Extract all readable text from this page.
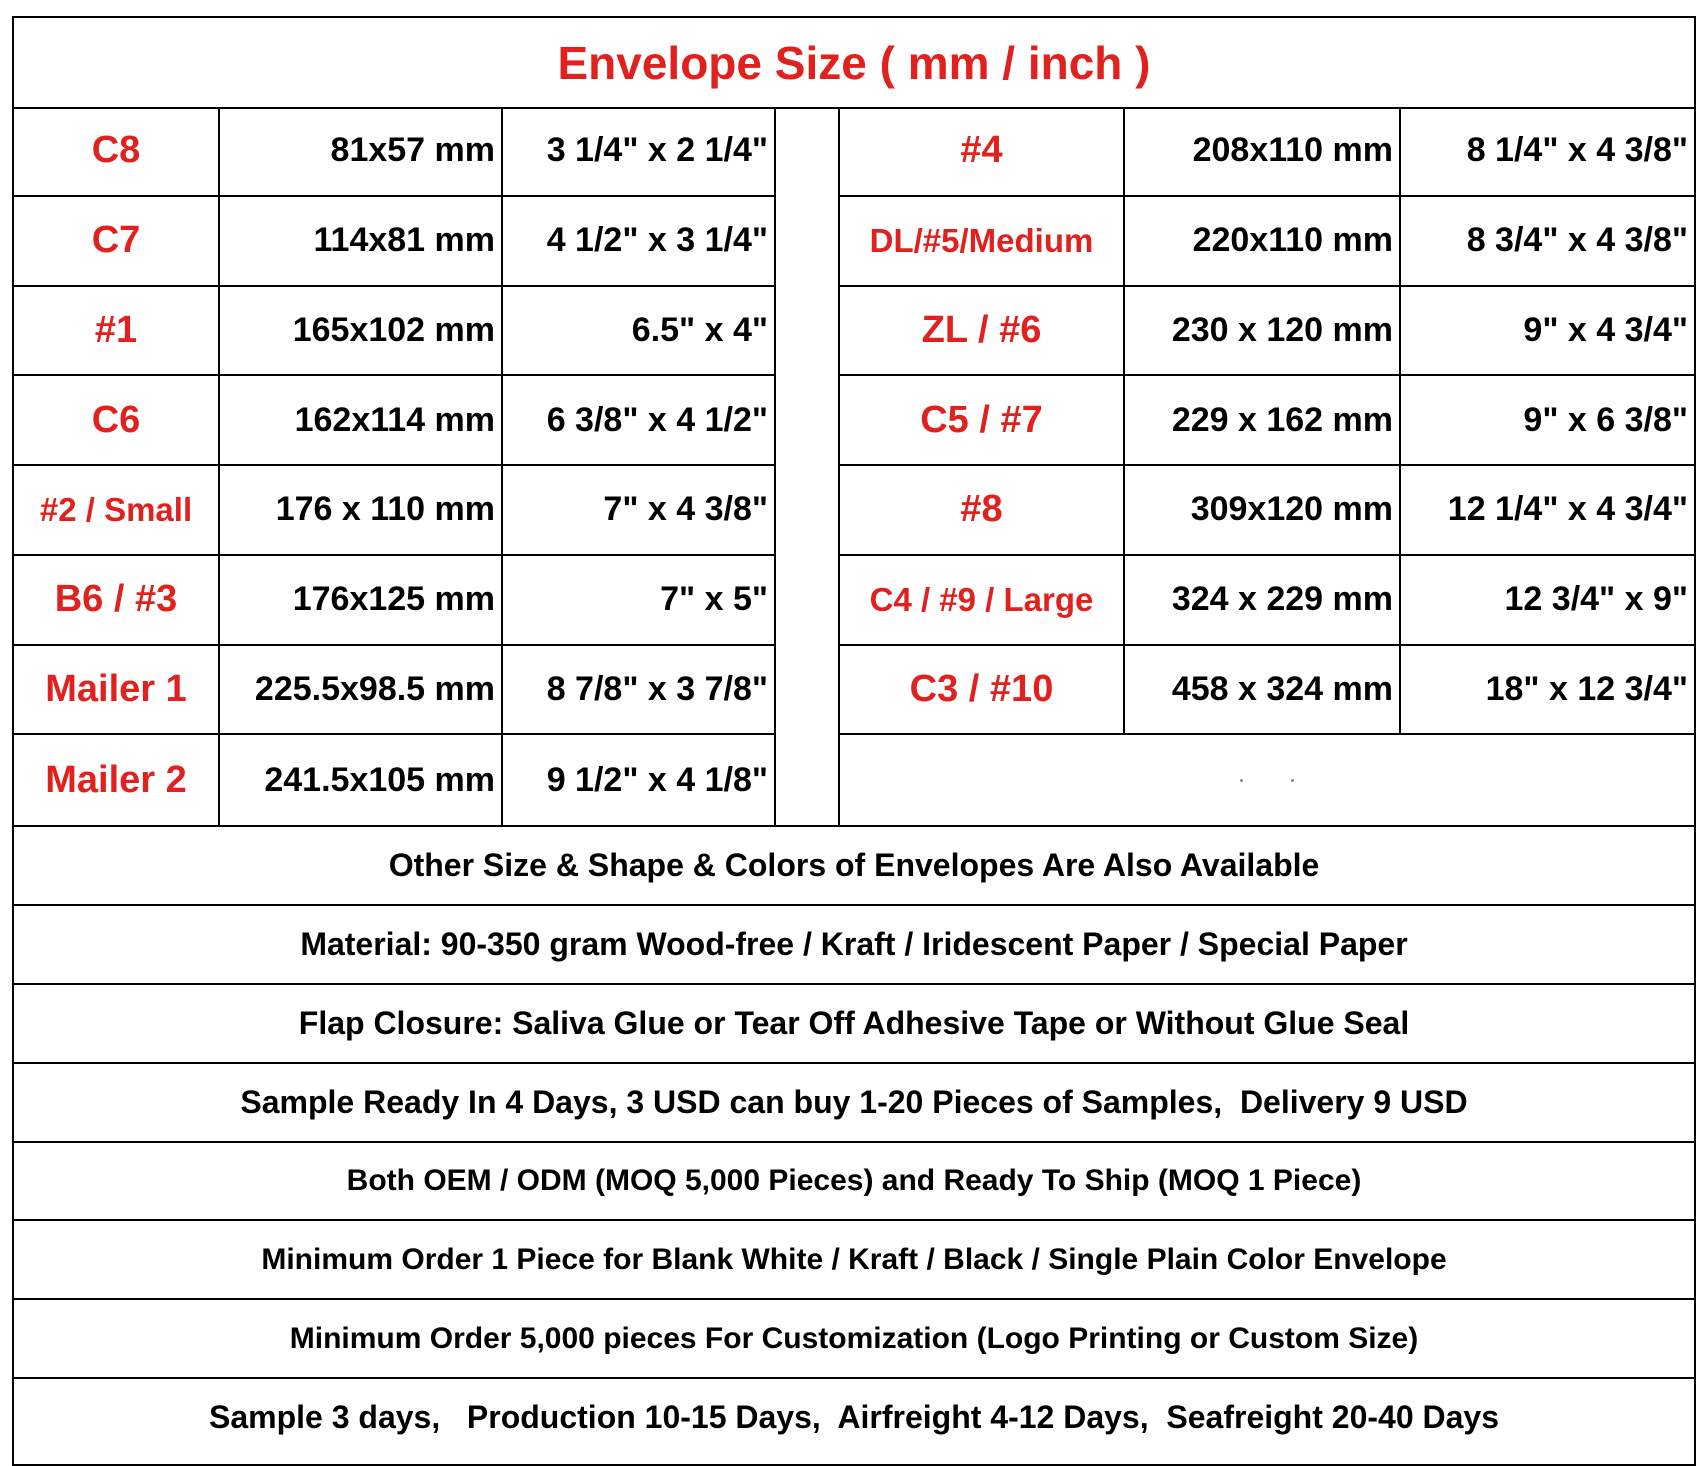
Envelope Size ( mm / inch )
C8	81x57 mm	3 1/4" x 2 1/4"
C7	114x81 mm	4 1/2" x 3 1/4"
#1	165x102 mm	6.5" x 4"
C6	162x114 mm	6 3/8" x 4 1/2"
#2 / Small	176 x 110 mm	7" x 4 3/8"
B6 / #3	176x125 mm	7" x 5"
Mailer 1	225.5x98.5 mm	8 7/8" x 3 7/8"
Mailer 2	241.5x105 mm	9 1/2" x 4 1/8"
#4	208x110 mm	8 1/4" x 4 3/8"
DL/#5/Medium	220x110 mm	8 3/4" x 4 3/8"
ZL / #6	230 x 120 mm	9" x 4 3/4"
C5 / #7	229 x 162 mm	9" x 6 3/8"
#8	309x120 mm	12 1/4" x 4 3/4"
C4 / #9 / Large	324 x 229 mm	12 3/4" x 9"
C3 / #10	458 x 324 mm	18" x 12 3/4"
Other Size & Shape & Colors of Envelopes Are Also Available
Material: 90-350 gram Wood-free / Kraft / Iridescent Paper / Special Paper
Flap Closure: Saliva Glue or Tear Off Adhesive Tape or Without Glue Seal
Sample Ready In 4 Days, 3 USD can buy 1-20 Pieces of Samples,  Delivery 9 USD
Both OEM / ODM (MOQ 5,000 Pieces) and Ready To Ship (MOQ 1 Piece)
Minimum Order 1 Piece for Blank White / Kraft / Black / Single Plain Color Envelope
Minimum Order 5,000 pieces For Customization (Logo Printing or Custom Size)
Sample 3 days,   Production 10-15 Days,  Airfreight 4-12 Days,  Seafreight 20-40 Days
